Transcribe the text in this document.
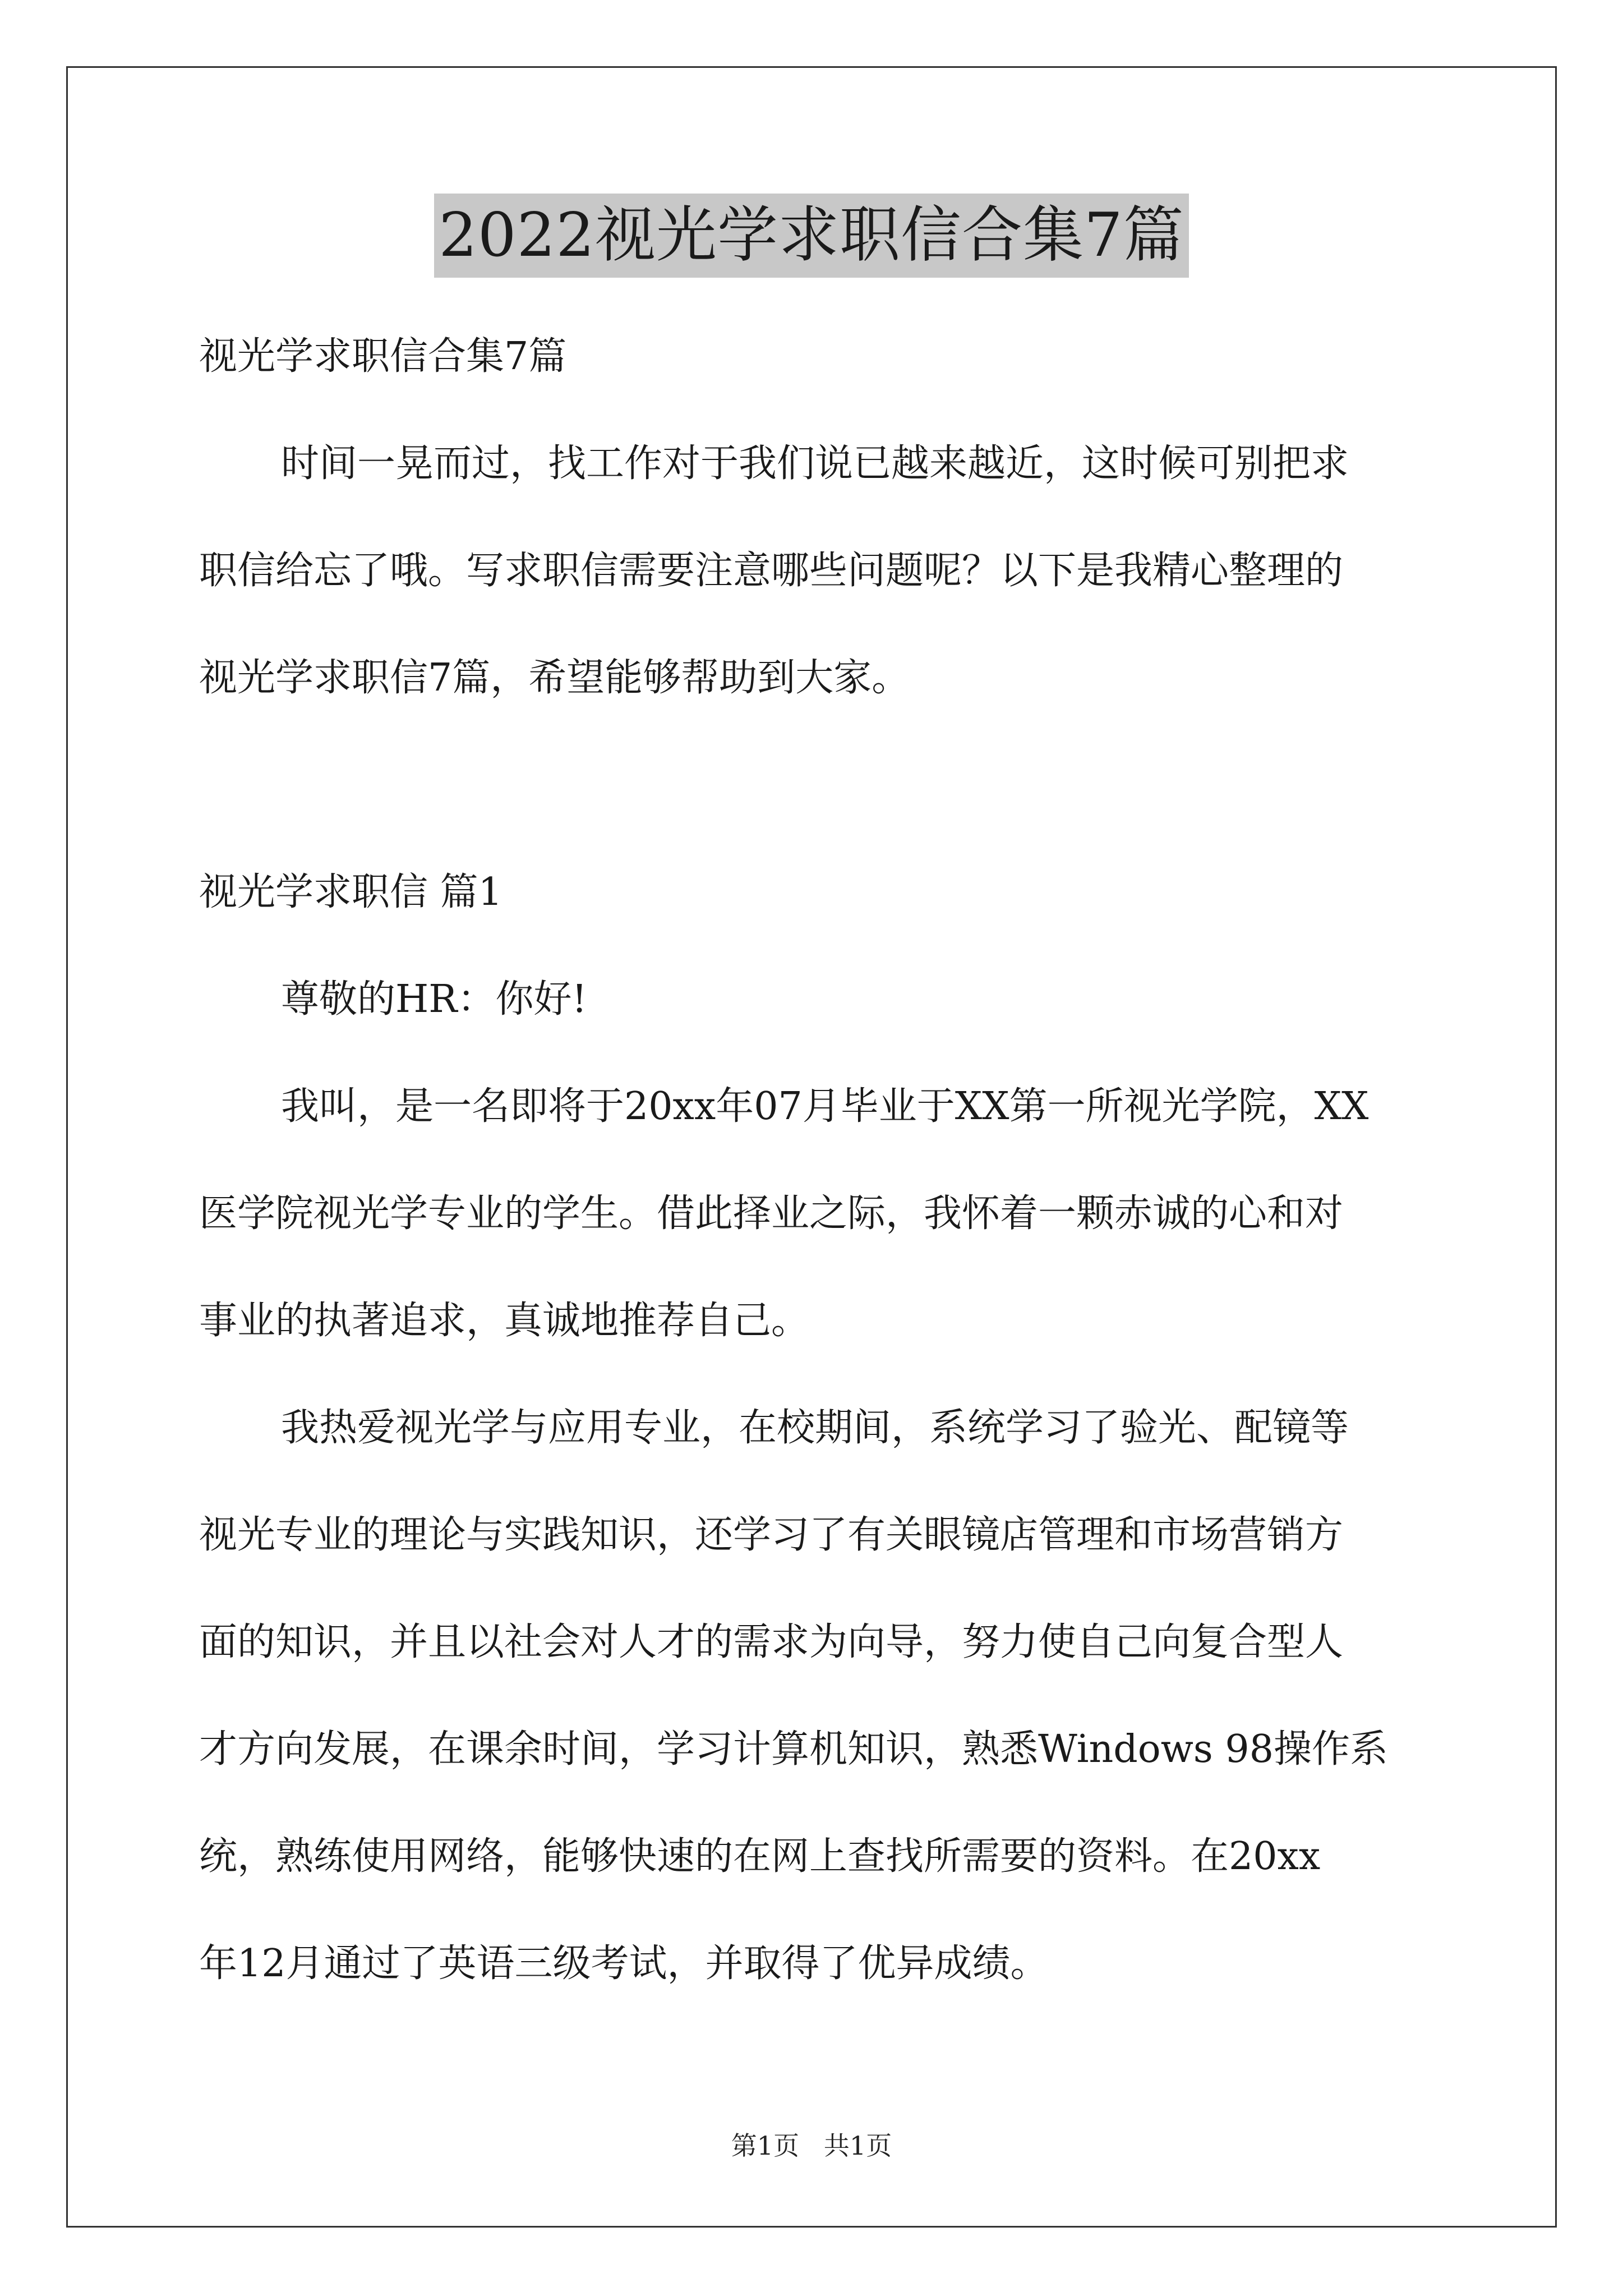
2022视光学求职信合集7篇

视光学求职信合集7篇

时间一晃而过，找工作对于我们说已越来越近，这时候可别把求

职信给忘了哦。写求职信需要注意哪些问题呢？以下是我精心整理的

视光学求职信7篇，希望能够帮助到大家。

视光学求职信 篇1

尊敬的HR：你好!

我叫，是一名即将于20xx年07月毕业于XX第一所视光学院，XX

医学院视光学专业的学生。借此择业之际，我怀着一颗赤诚的心和对

事业的执著追求，真诚地推荐自己。

我热爱视光学与应用专业，在校期间，系统学习了验光、配镜等

视光专业的理论与实践知识，还学习了有关眼镜店管理和市场营销方

面的知识，并且以社会对人才的需求为向导，努力使自己向复合型人

才方向发展，在课余时间，学习计算机知识，熟悉Windows 98操作系

统，熟练使用网络，能够快速的在网上查找所需要的资料。在20xx

年12月通过了英语三级考试，并取得了优异成绩。

第1页   共1页
